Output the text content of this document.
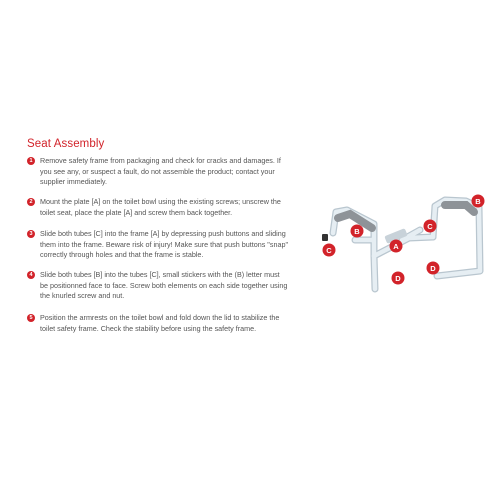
Seat Assembly
1	Remove safety frame from packaging and check for cracks and damages. If you see any, or suspect a fault, do not assemble the product; contact your supplier immediately.
2	Mount the plate [A] on the toilet bowl using the existing screws; unscrew the toilet seat, place the plate [A] and screw them back together.
3	Slide both tubes [C] into the frame [A] by depressing push buttons and sliding them into the frame. Beware risk of injury! Make sure that push buttons "snap" correctly through holes and that the frame is stable.
4	Slide both tubes [B] into the tubes [C], small stickers with the (B) letter must be positionned face to face. Screw both elements on each side together using the knurled screw and nut.
5	Position the armrests on the toilet bowl and fold down the lid to stabilize the toilet safety frame. Check the stability before using the safety frame.
B
B
C
C
A
D
D
